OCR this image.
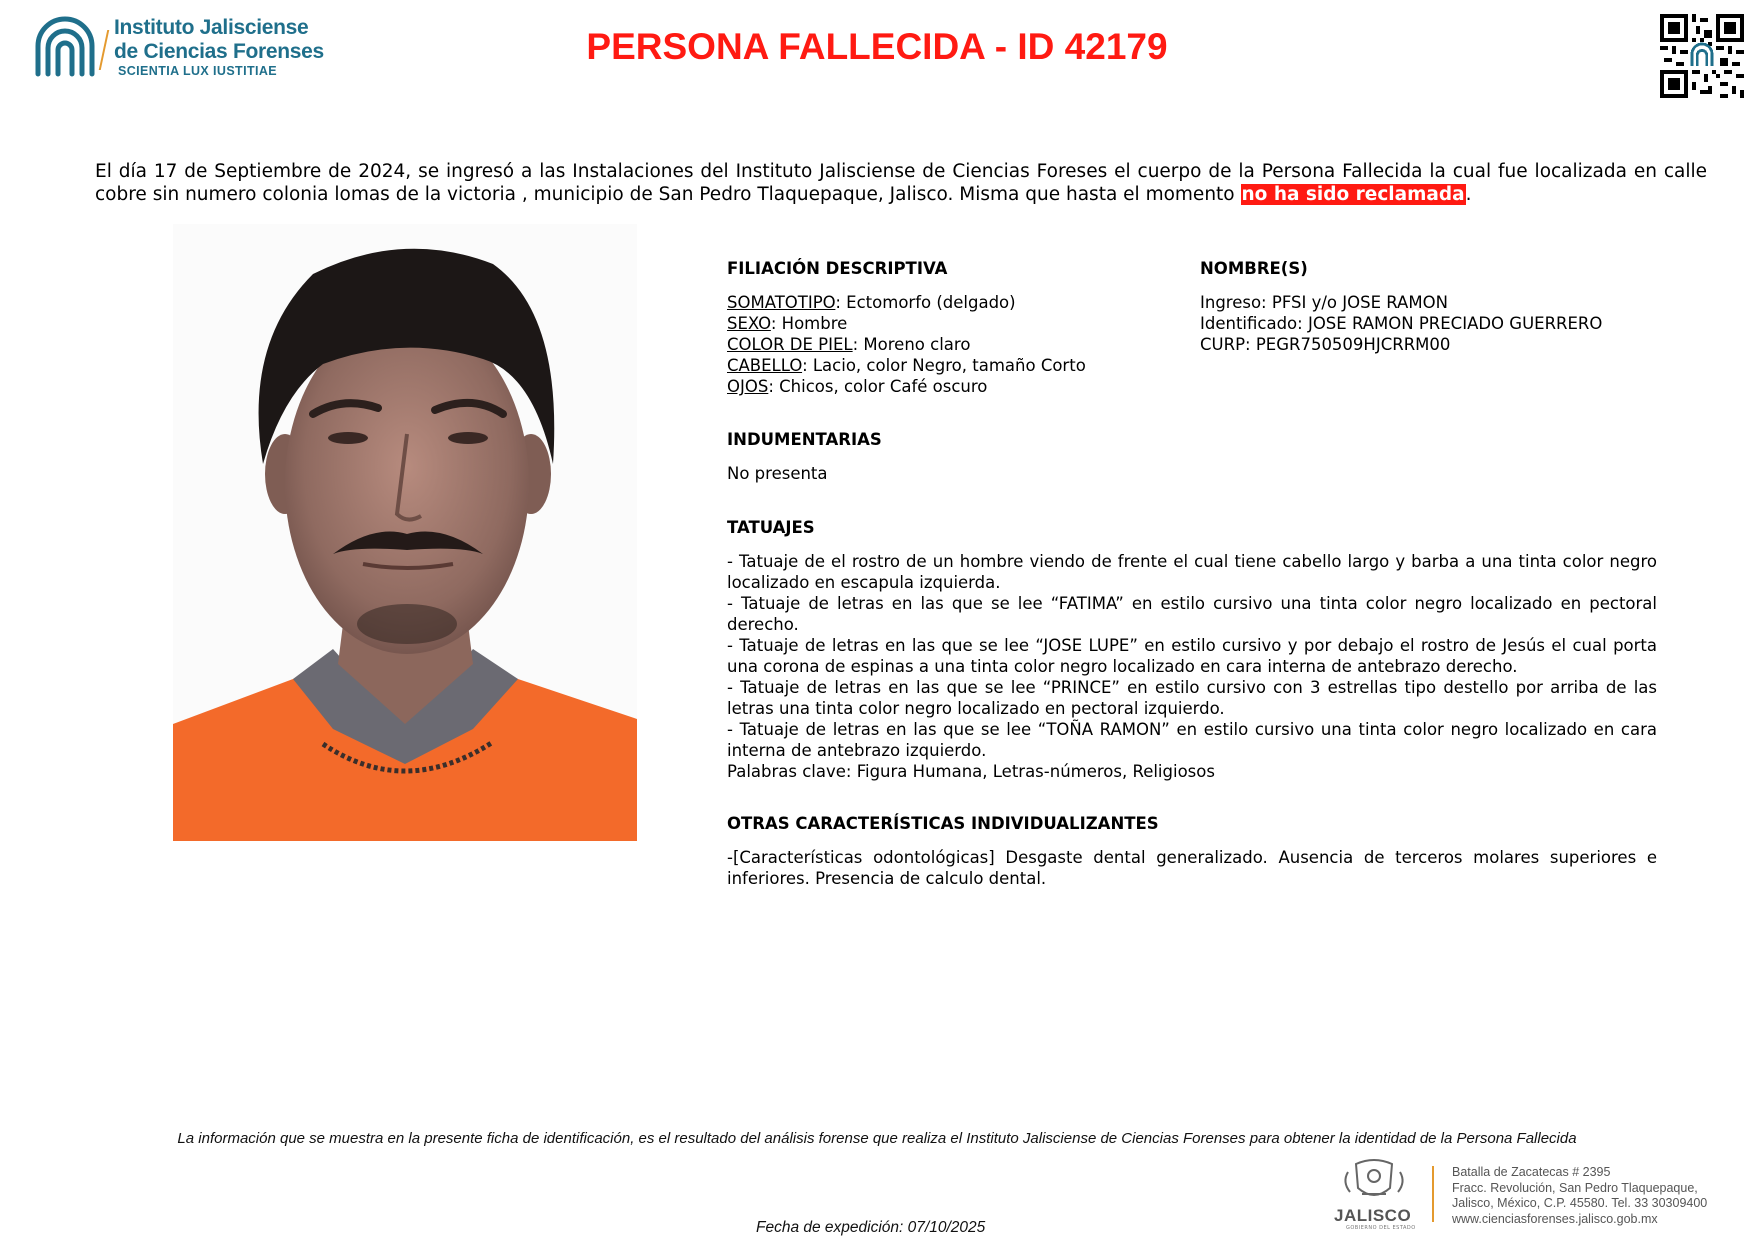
Instituto Jalisciense
de Ciencias Forenses
SCIENTIA LUX IUSTITIAE
PERSONA FALLECIDA - ID 42179
El día 17 de Septiembre de 2024, se ingresó a las Instalaciones del Instituto Jalisciense de Ciencias Foreses el cuerpo de la Persona Fallecida la cual fue localizada en calle cobre sin numero colonia lomas de la victoria , municipio de San Pedro Tlaquepaque, Jalisco. Misma que hasta el momento no ha sido reclamada.
FILIACIÓN DESCRIPTIVA
SOMATOTIPO: Ectomorfo (delgado)
SEXO: Hombre
COLOR DE PIEL: Moreno claro
CABELLO: Lacio, color Negro, tamaño Corto
OJOS: Chicos, color Café oscuro
NOMBRE(S)
Ingreso: PFSI y/o JOSE RAMON
Identificado: JOSE RAMON PRECIADO GUERRERO
CURP: PEGR750509HJCRRM00
INDUMENTARIAS
No presenta
TATUAJES
- Tatuaje de el rostro de un hombre viendo de frente el cual tiene cabello largo y barba a una tinta color negro localizado en escapula izquierda.
- Tatuaje de letras en las que se lee “FATIMA” en estilo cursivo una tinta color negro localizado en pectoral derecho.
- Tatuaje de letras en las que se lee “JOSE LUPE” en estilo cursivo y por debajo el rostro de Jesús el cual porta una corona de espinas a una tinta color negro localizado en cara interna de antebrazo derecho.
- Tatuaje de letras en las que se lee “PRINCE” en estilo cursivo con 3 estrellas tipo destello por arriba de las letras una tinta color negro localizado en pectoral izquierdo.
- Tatuaje de letras en las que se lee “TOÑA RAMON” en estilo cursivo una tinta color negro localizado en cara interna de antebrazo izquierdo.
Palabras clave: Figura Humana, Letras-números, Religiosos
OTRAS CARACTERÍSTICAS INDIVIDUALIZANTES
-[Características odontológicas] Desgaste dental generalizado. Ausencia de terceros molares superiores e inferiores. Presencia de calculo dental.
La información que se muestra en la presente ficha de identificación, es el resultado del análisis forense que realiza el Instituto Jalisciense de Ciencias Forenses para obtener la identidad de la Persona Fallecida
Fecha de expedición: 07/10/2025
JALISCO
GOBIERNO DEL ESTADO
Batalla de Zacatecas # 2395
Fracc. Revolución, San Pedro Tlaquepaque,
Jalisco, México, C.P. 45580. Tel. 33 30309400
www.cienciasforenses.jalisco.gob.mx
